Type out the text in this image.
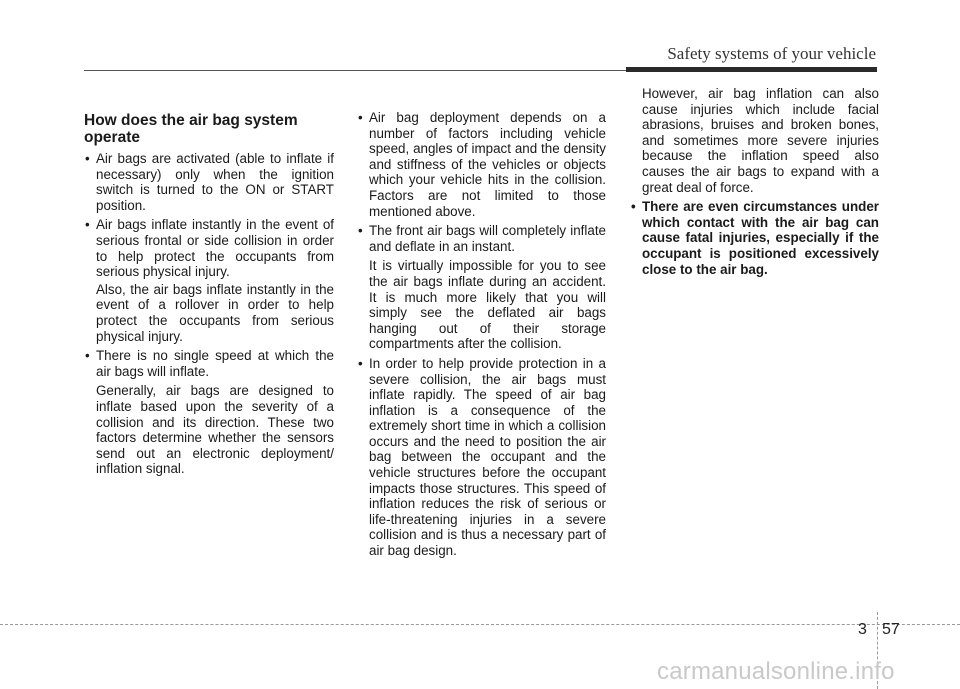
Safety systems of your vehicle
How does the air bag system operate
• Air bags are activated (able to inflate if necessary) only when the ignition switch is turned to the ON or START position.
• Air bags inflate instantly in the event of serious frontal or side collision in order to help protect the occupants from serious physical injury.

Also, the air bags inflate instantly in the event of a rollover in order to help protect the occupants from serious physical injury.

• There is no single speed at which the air bags will inflate.

Generally, air bags are designed to inflate based upon the severity of a collision and its direction. These two factors determine whether the sensors send out an electronic deployment/ inflation signal.

• Air bag deployment depends on a number of factors including vehicle speed, angles of impact and the density and stiffness of the vehicles or objects which your vehicle hits in the collision. Factors are not limited to those mentioned above.
• The front air bags will completely inflate and deflate in an instant.

It is virtually impossible for you to see the air bags inflate during an accident. It is much more likely that you will simply see the deflated air bags hanging out of their storage compartments after the collision.

• In order to help provide protection in a severe collision, the air bags must inflate rapidly. The speed of air bag inflation is a consequence of the extremely short time in which a collision occurs and the need to position the air bag between the occupant and the vehicle structures before the occupant impacts those structures. This speed of inflation reduces the risk of serious or life-threatening injuries in a severe collision and is thus a necessary part of air bag design.

However, air bag inflation can also cause injuries which include facial abrasions, bruises and broken bones, and sometimes more severe injuries because the inflation speed also causes the air bags to expand with a great deal of force.

• There are even circumstances under which contact with the air bag can cause fatal injuries, especially if the occupant is positioned excessively close to the air bag.
3 57
carmanualsonline.info
